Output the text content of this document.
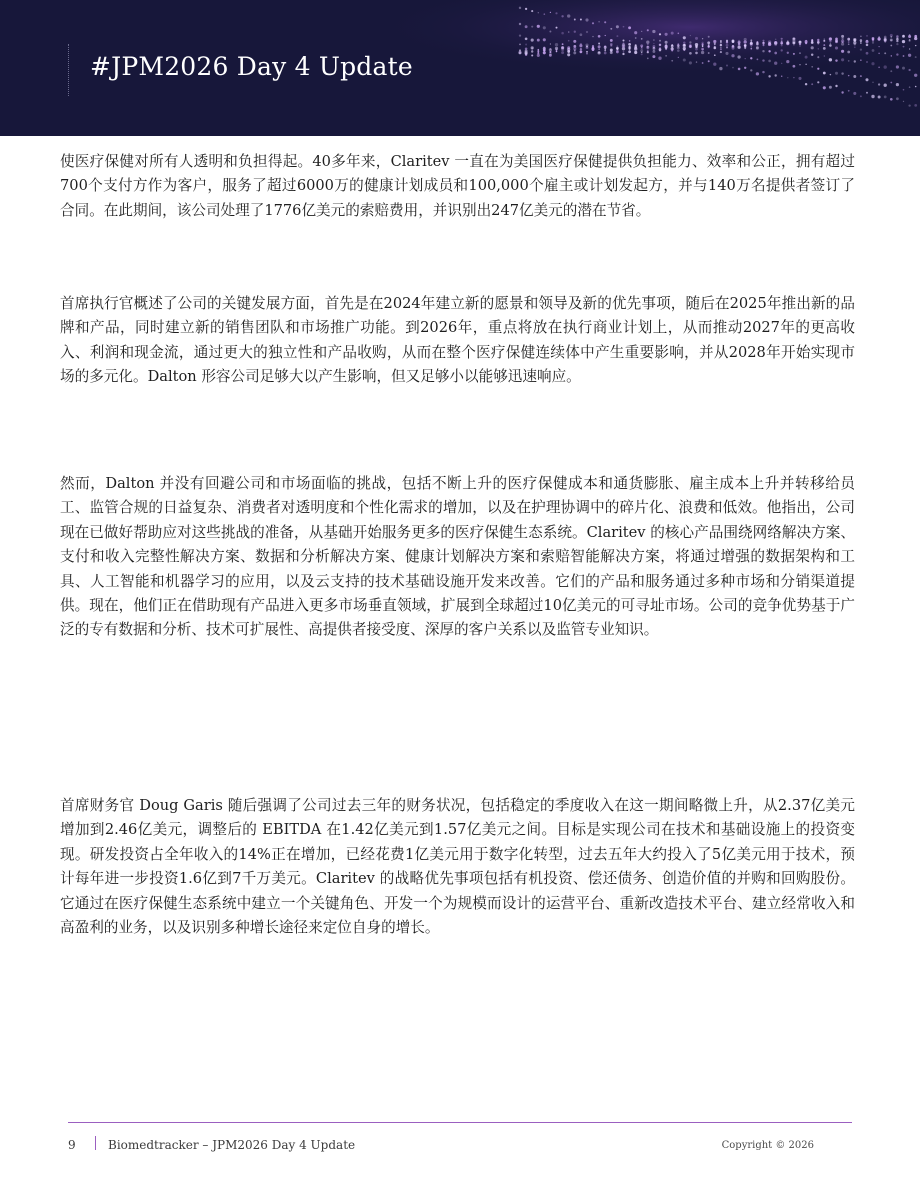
#JPM2026 Day 4 Update

使医疗保健对所有人透明和负担得起。40多年来，Claritev 一直在为美国医疗保健提供负担能力、效率和公正，拥有超过700个支付方作为客户，服务了超过6000万的健康计划成员和100,000个雇主或计划发起方，并与140万名提供者签订了合同。在此期间，该公司处理了1776亿美元的索赔费用，并识别出247亿美元的潜在节省。

首席执行官概述了公司的关键发展方面，首先是在2024年建立新的愿景和领导及新的优先事项，随后在2025年推出新的品牌和产品，同时建立新的销售团队和市场推广功能。到2026年，重点将放在执行商业计划上，从而推动2027年的更高收入、利润和现金流，通过更大的独立性和产品收购，从而在整个医疗保健连续体中产生重要影响，并从2028年开始实现市场的多元化。Dalton 形容公司足够大以产生影响，但又足够小以能够迅速响应。

然而，Dalton 并没有回避公司和市场面临的挑战，包括不断上升的医疗保健成本和通货膨胀、雇主成本上升并转移给员工、监管合规的日益复杂、消费者对透明度和个性化需求的增加，以及在护理协调中的碎片化、浪费和低效。他指出，公司现在已做好帮助应对这些挑战的准备，从基础开始服务更多的医疗保健生态系统。Claritev 的核心产品围绕网络解决方案、支付和收入完整性解决方案、数据和分析解决方案、健康计划解决方案和索赔智能解决方案，将通过增强的数据架构和工具、人工智能和机器学习的应用，以及云支持的技术基础设施开发来改善。它们的产品和服务通过多种市场和分销渠道提供。现在，他们正在借助现有产品进入更多市场垂直领域，扩展到全球超过10亿美元的可寻址市场。公司的竞争优势基于广泛的专有数据和分析、技术可扩展性、高提供者接受度、深厚的客户关系以及监管专业知识。

首席财务官 Doug Garis 随后强调了公司过去三年的财务状况，包括稳定的季度收入在这一期间略微上升，从2.37亿美元增加到2.46亿美元，调整后的 EBITDA 在1.42亿美元到1.57亿美元之间。目标是实现公司在技术和基础设施上的投资变现。研发投资占全年收入的14%正在增加，已经花费1亿美元用于数字化转型，过去五年大约投入了5亿美元用于技术，预计每年进一步投资1.6亿到7千万美元。Claritev 的战略优先事项包括有机投资、偿还债务、创造价值的并购和回购股份。它通过在医疗保健生态系统中建立一个关键角色、开发一个为规模而设计的运营平台、重新改造技术平台、建立经常收入和高盈利的业务，以及识别多种增长途径来定位自身的增长。

9	Biomedtracker – JPM2026 Day 4 Update	Copyright © 2026
